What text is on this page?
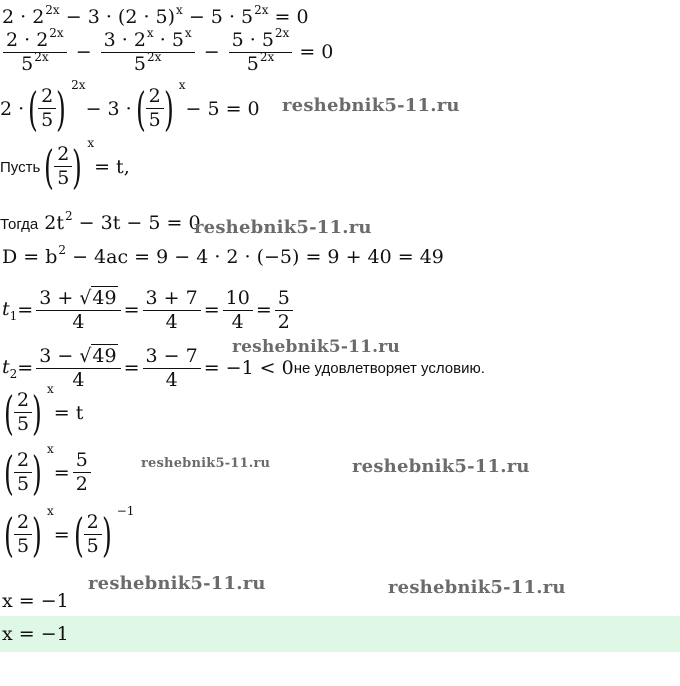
$2 \cdot 2^{2x} - 3 \cdot (2 \cdot 5)^x - 5 \cdot 5^{2x} = 0$
$\frac{2 \cdot 2^{2x}}{5^{2x}} - \frac{3 \cdot 2^x \cdot 5^x}{5^{2x}} - \frac{5 \cdot 5^{2x}}{5^{2x}} = 0$
2 · ( $\frac{2}{5}$ ) 2x
− 3 · ( $\frac{2}{5}$ ) x
− 5 = 0
Пусть ( $\frac{2}{5}$ ) x
= t,
Тогда $2t^2 - 3t - 5 = 0$
$D = b^2 - 4ac = 9 - 4 \cdot 2 \cdot (-5) = 9 + 40 = 49$
$t_1 = \frac{3 + √49}{4} = \frac{3 + 7}{4} = \frac{10}{4} = \frac{5}{2}$
$t_2 = \frac{3 - √49}{4} = \frac{3 - 7}{4} = -1 < 0$ не удовлетворяет условию.
( $\frac{2}{5}$ ) x
= t
( $\frac{2}{5}$ ) x
= $\frac{5}{2}$
( $\frac{2}{5}$ ) x
= ( $\frac{2}{5}$ ) −1
x = −1
x = −1
reshebnik5-11.ru
reshebnik5-11.ru
reshebnik5-11.ru
reshebnik5-11.ru	reshebnik5-11.ru
reshebnik5-11.ru	reshebnik5-11.ru
